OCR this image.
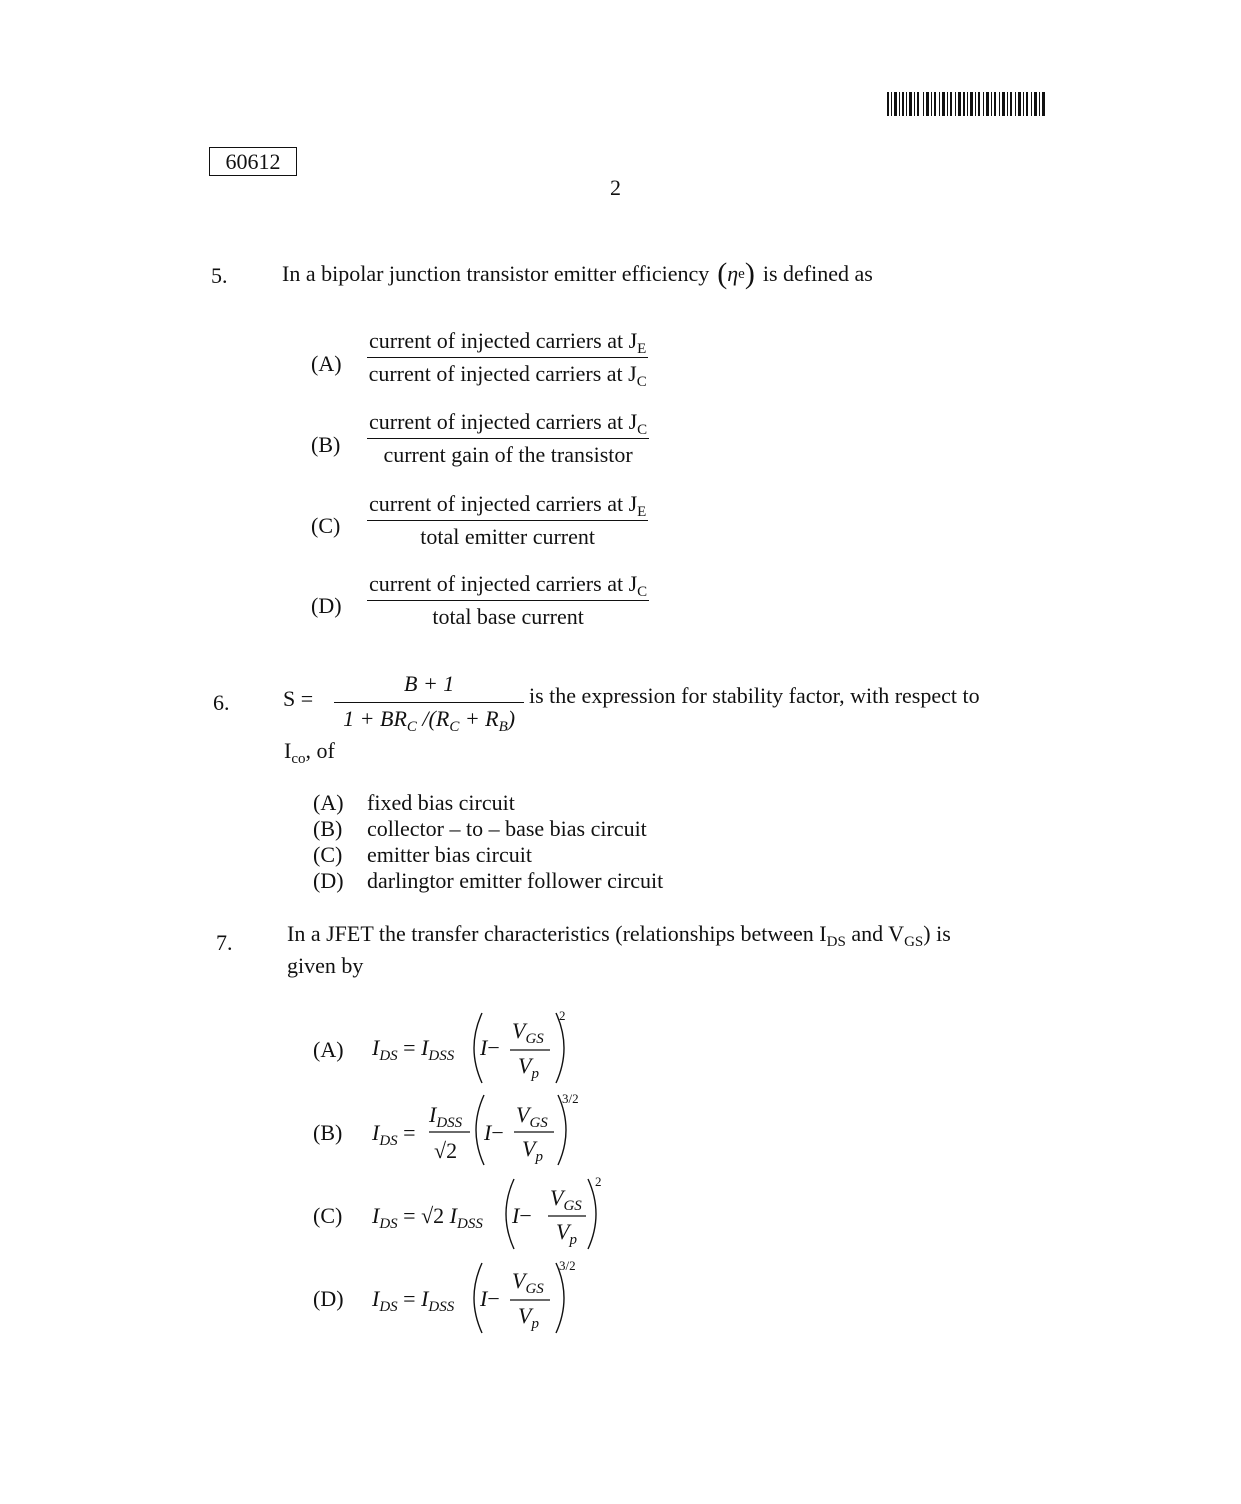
60612
2
5. In a bipolar junction transistor emitter efficiency ( η e ) is defined as
(A)
current of injected carriers at $J_E$
current of injected carriers at $J_C$
(B)
current of injected carriers at $J_C$
current gain of the transistor
(C)
current of injected carriers at $J_E$
total emitter current
(D)
current of injected carriers at $J_C$
total base current
6. S =
B + 1
$1 + BR_C$ $/(R_C + R_B)$
is the expression for stability factor, with respect to
$I_{co}$, of
(A)	fixed bias circuit
(B)	collector – to – base bias circuit
(C)	emitter bias circuit
(D)	darlingtor emitter follower circuit
7. In a JFET the transfer characteristics (relationships between $I_{DS}$ and $V_{GS}$) is
given by
(A) $I_{DS} = I_{DSS}$ I−
$V_{GS}$
$V_p$
2
(B) $I_{DS}$ =
$I_{DSS}$
√2
I−
$V_{GS}$
$V_p$
3/2
(C) $I_{DS} = √2$ $I_{DSS}$ I−
$V_{GS}$
$V_p$
2
(D) $I_{DS} = I_{DSS}$ I−
$V_{GS}$
$V_p$
3/2
